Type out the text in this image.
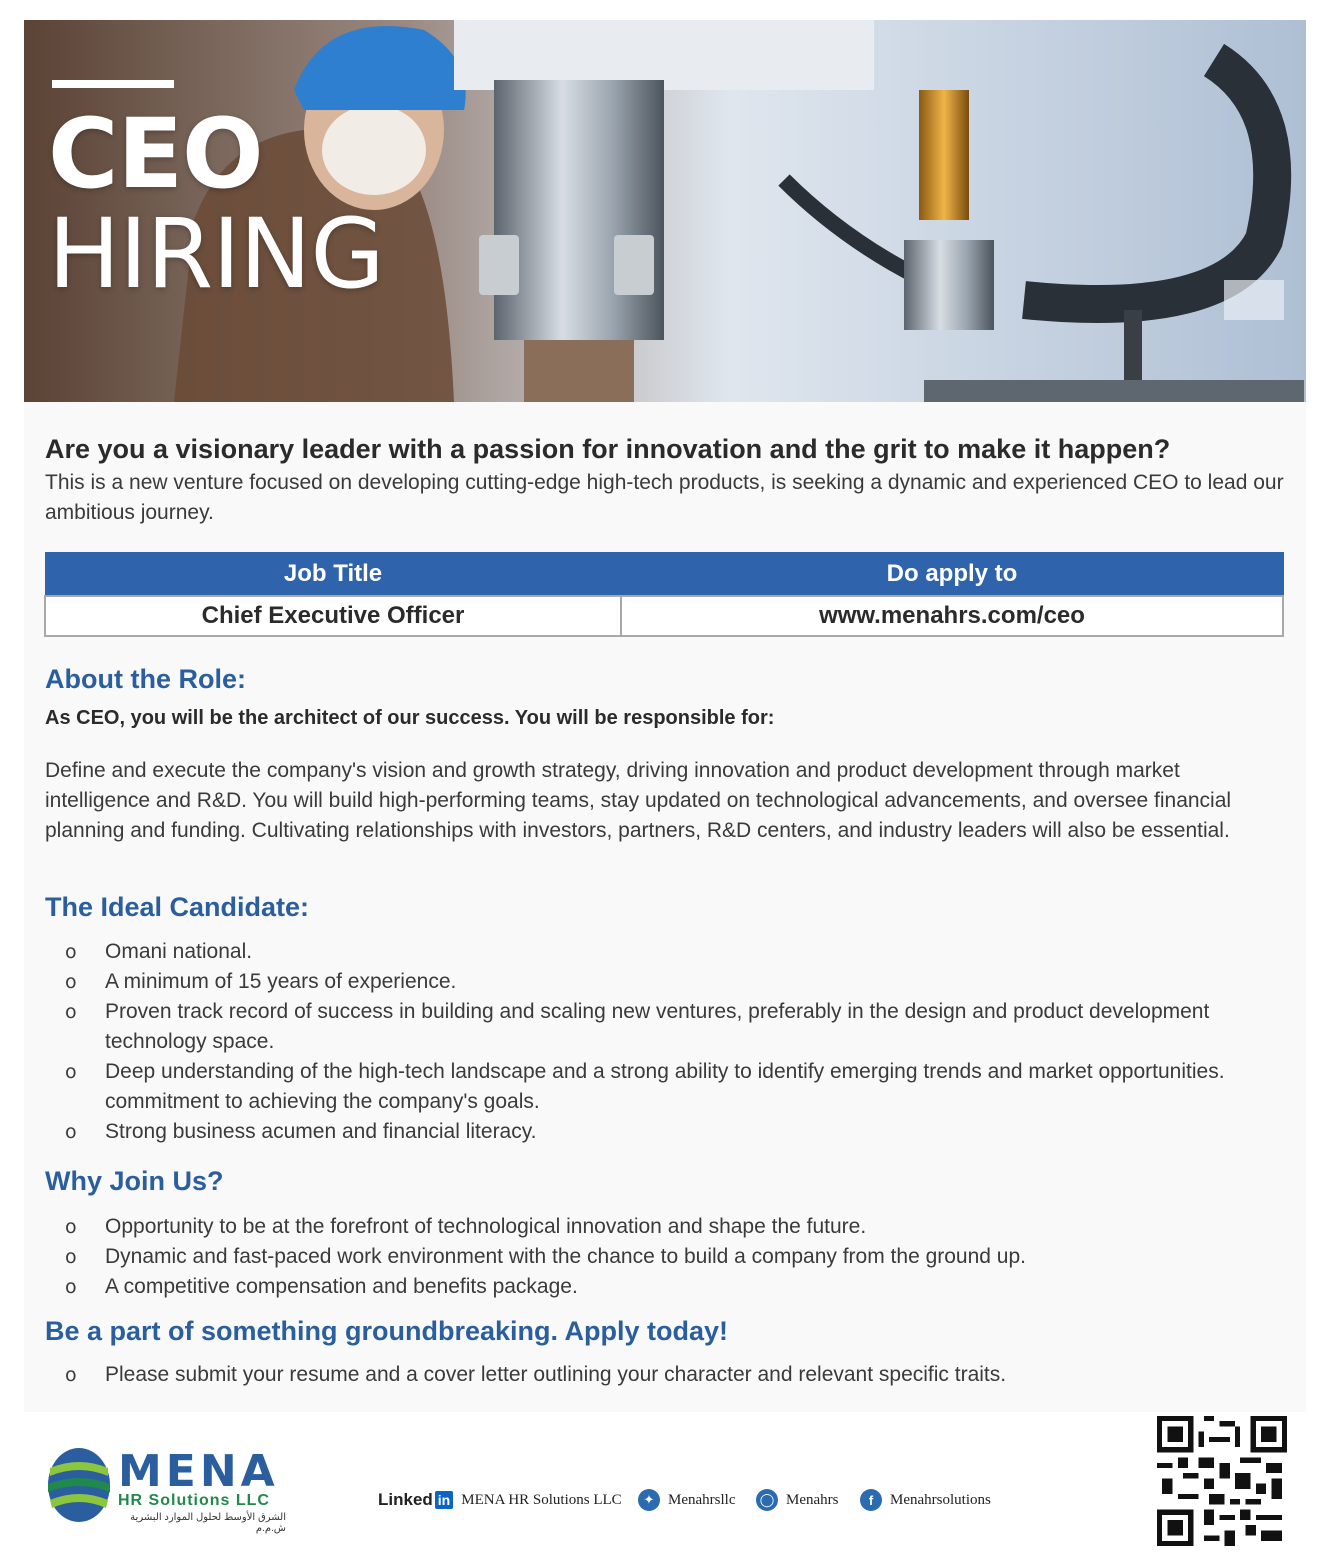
CEO
HIRING
Are you a visionary leader with a passion for innovation and the grit to make it happen?
This is a new venture focused on developing cutting-edge high-tech products, is seeking a dynamic and experienced CEO to lead our ambitious journey.
Job Title	Do apply to
Chief Executive Officer	www.menahrs.com/ceo
About the Role:
As CEO, you will be the architect of our success. You will be responsible for:
Define and execute the company's vision and growth strategy, driving innovation and product development through market intelligence and R&D. You will build high-performing teams, stay updated on technological advancements, and oversee financial planning and funding. Cultivating relationships with investors, partners, R&D centers, and industry leaders will also be essential.
The Ideal Candidate:
o Omani national.
o A minimum of 15 years of experience.
o Proven track record of success in building and scaling new ventures, preferably in the design and product development technology space.
o Deep understanding of the high-tech landscape and a strong ability to identify emerging trends and market opportunities. commitment to achieving the company's goals.
o Strong business acumen and financial literacy.
Why Join Us?
o Opportunity to be at the forefront of technological innovation and shape the future.
o Dynamic and fast-paced work environment with the chance to build a company from the ground up.
o A competitive compensation and benefits package.
Be a part of something groundbreaking. Apply today!
o Please submit your resume and a cover letter outlining your character and relevant specific traits.
MENA
HR Solutions LLC
الشرق الأوسط لحلول الموارد البشرية ش.م.م
Linked in MENA HR Solutions LLC	✦ Menahrsllc ◯ Menahrs	f	Menahrsolutions
